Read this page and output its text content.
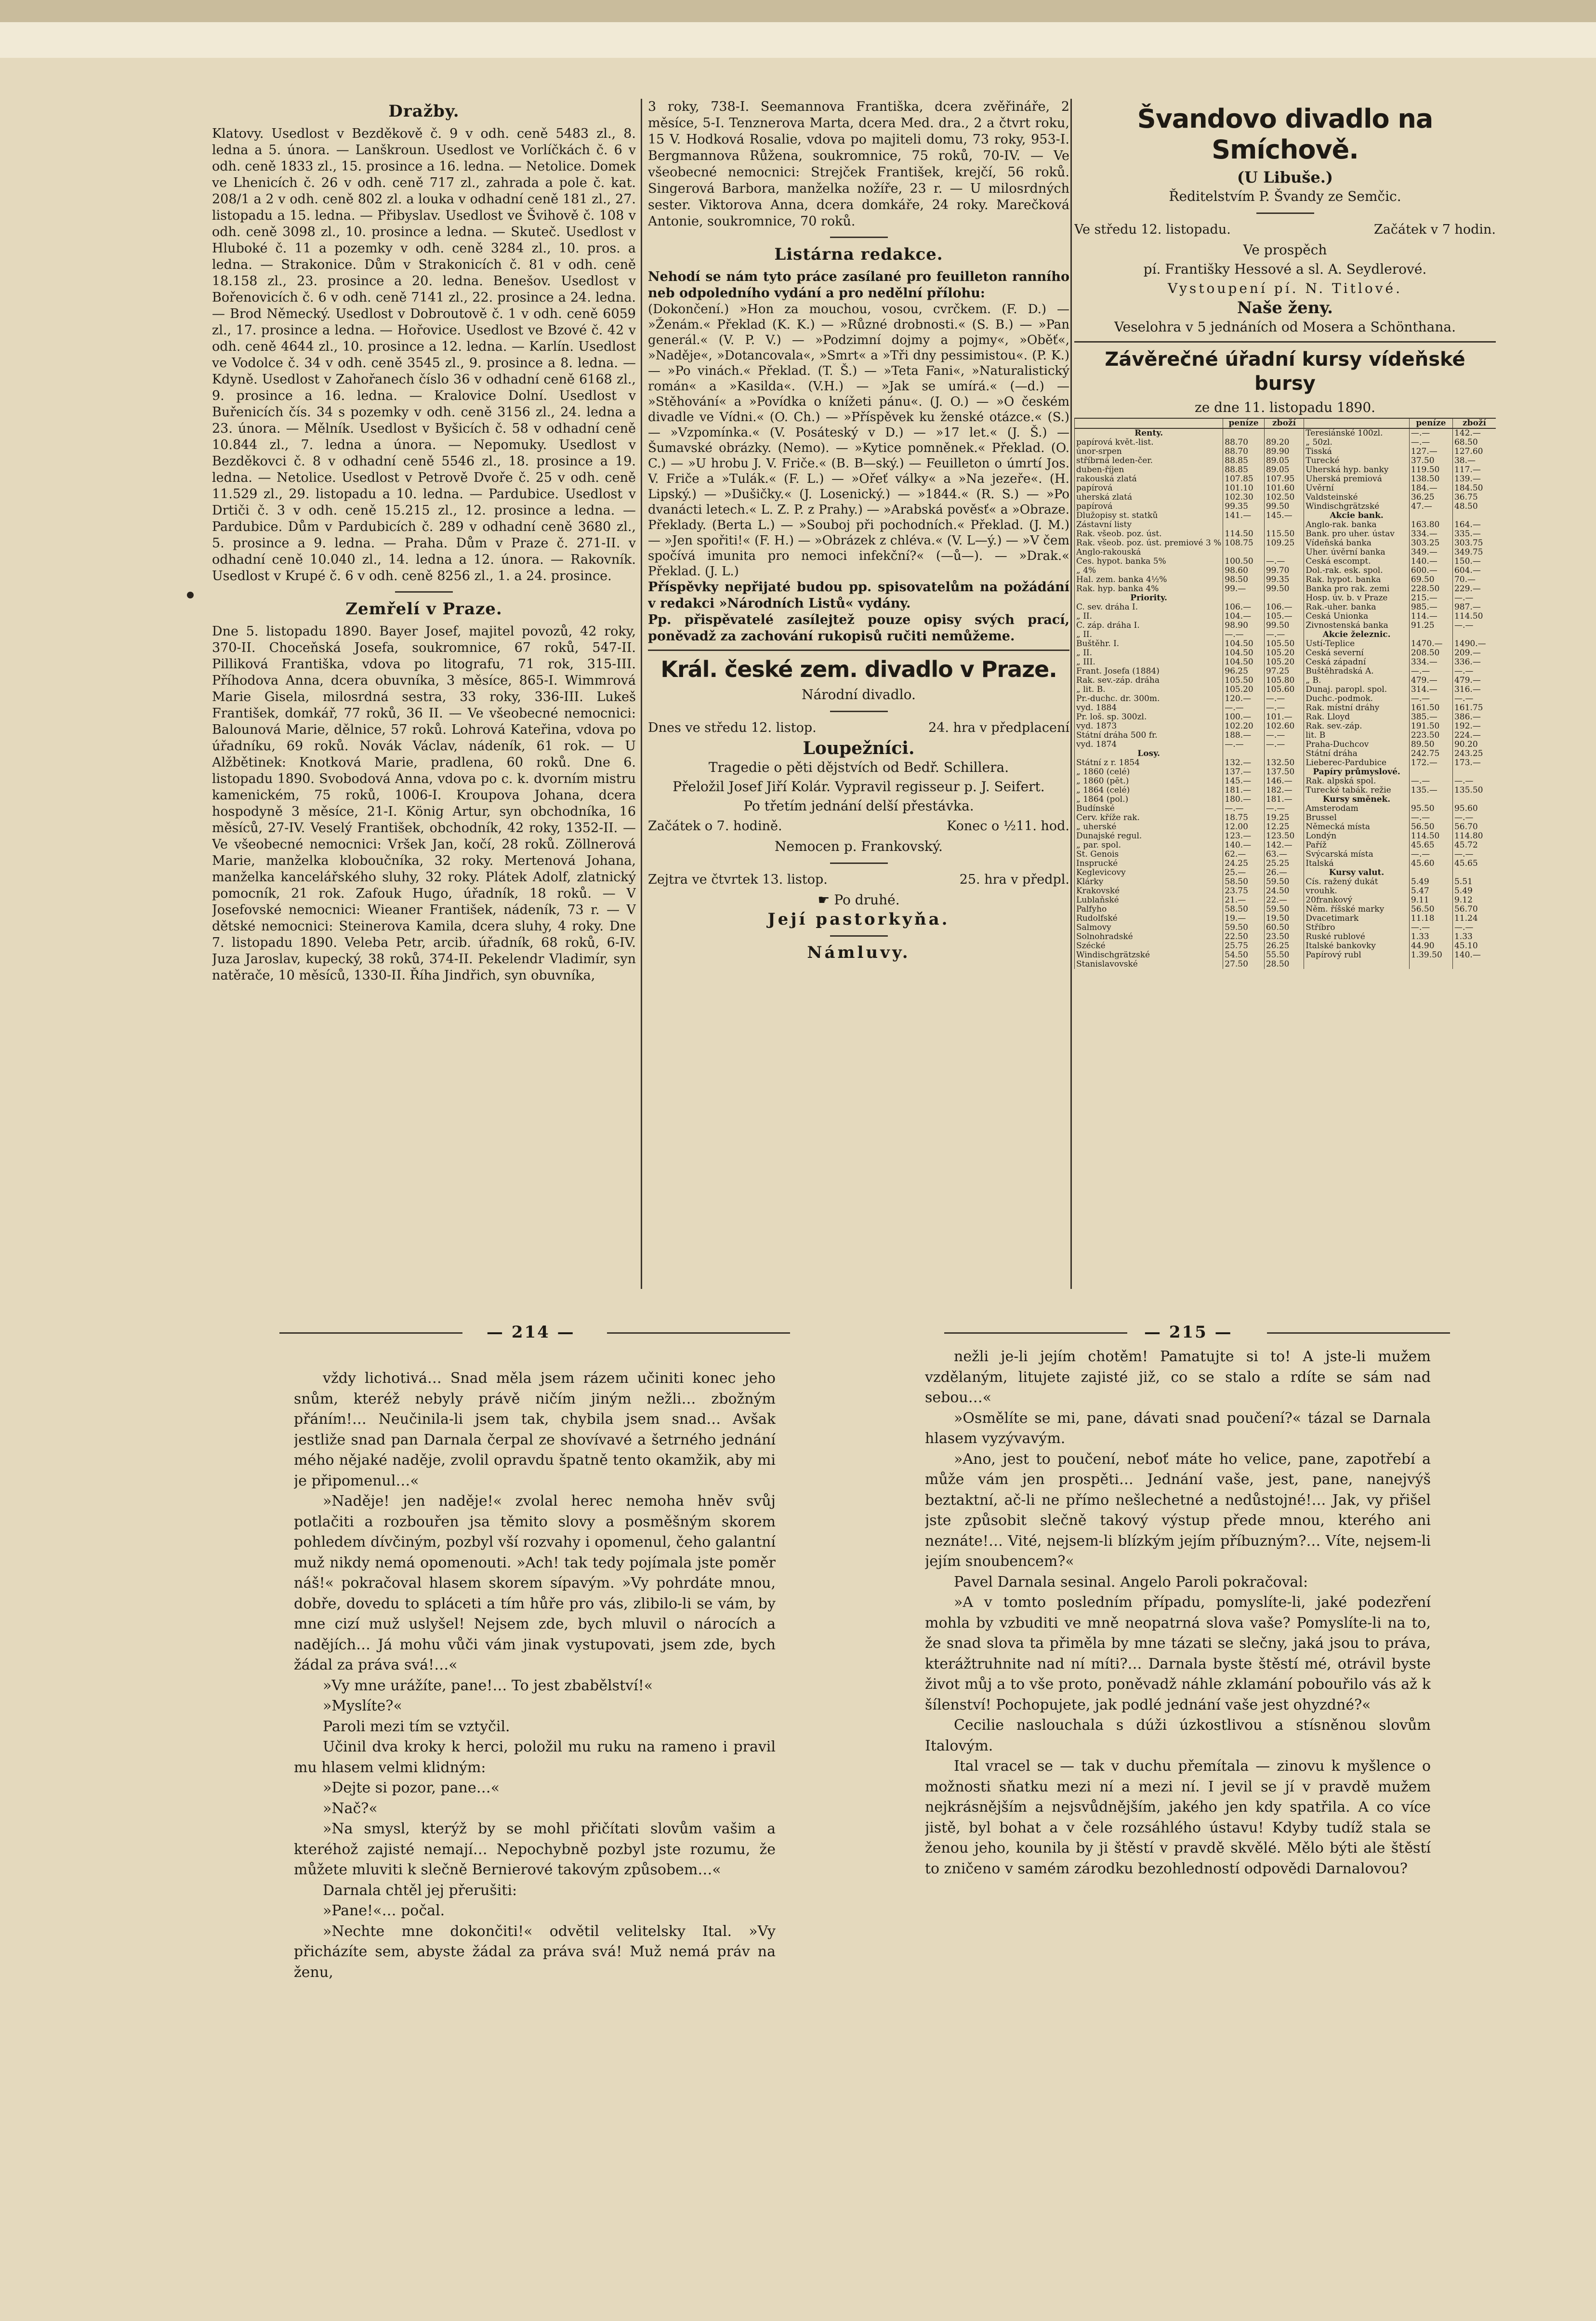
Dražby.

Klatovy. Usedlost v Bezděkově č. 9 v odh. ceně 5483 zl., 8. ledna a 5. února. — Lanškroun. Usedlost ve Vorlíčkách č. 6 v odh. ceně 1833 zl., 15. prosince a 16. ledna. — Netolice. Domek ve Lhenicích č. 26 v odh. ceně 717 zl., zahrada a pole č. kat. 208/1 a 2 v odh. ceně 802 zl. a louka v odhadní ceně 181 zl., 27. listopadu a 15. ledna. — Přibyslav. Usedlost ve Švihově č. 108 v odh. ceně 3098 zl., 10. prosince a ledna. — Skuteč. Usedlost v Hluboké č. 11 a pozemky v odh. ceně 3284 zl., 10. pros. a ledna. — Strakonice. Dům v Strakonicích č. 81 v odh. ceně 18.158 zl., 23. prosince a 20. ledna. Benešov. Usedlost v Bořenovicích č. 6 v odh. ceně 7141 zl., 22. prosince a 24. ledna. — Brod Německý. Usedlost v Dobroutově č. 1 v odh. ceně 6059 zl., 17. prosince a ledna. — Hořovice. Usedlost ve Bzové č. 42 v odh. ceně 4644 zl., 10. prosince a 12. ledna. — Karlín. Usedlost ve Vodolce č. 34 v odh. ceně 3545 zl., 9. prosince a 8. ledna. — Kdyně. Usedlost v Zahořanech číslo 36 v odhadní ceně 6168 zl., 9. prosince a 16. ledna. — Kralovice Dolní. Usedlost v Buřenicích čís. 34 s pozemky v odh. ceně 3156 zl., 24. ledna a 23. února. — Mělník. Usedlost v Byšicích č. 58 v odhadní ceně 10.844 zl., 7. ledna a února. — Nepomuky. Usedlost v Bezděkovci č. 8 v odhadní ceně 5546 zl., 18. prosince a 19. ledna. — Netolice. Usedlost v Petrově Dvoře č. 25 v odh. ceně 11.529 zl., 29. listopadu a 10. ledna. — Pardubice. Usedlost v Drtiči č. 3 v odh. ceně 15.215 zl., 12. prosince a ledna. — Pardubice. Dům v Pardubicích č. 289 v odhadní ceně 3680 zl., 5. prosince a 9. ledna. — Praha. Dům v Praze č. 271-II. v odhadní ceně 10.040 zl., 14. ledna a 12. února. — Rakovník. Usedlost v Krupé č. 6 v odh. ceně 8256 zl., 1. a 24. prosince.

Zemřelí v Praze.

Dne 5. listopadu 1890. Bayer Josef, majitel povozů, 42 roky, 370-II. Choceňská Josefa, soukromnice, 67 roků, 547-II. Pilliková Františka, vdova po litografu, 71 rok, 315-III. Příhodova Anna, dcera obuvníka, 3 měsíce, 865-I. Wimmrová Marie Gisela, milosrdná sestra, 33 roky, 336-III. Lukeš František, domkář, 77 roků, 36 II. — Ve všeobecné nemocnici: Balounová Marie, dělnice, 57 roků. Lohrová Kateřina, vdova po úřadníku, 69 roků. Novák Václav, nádeník, 61 rok. — U Alžbětinek: Knotková Marie, pradlena, 60 roků. Dne 6. listopadu 1890. Svobodová Anna, vdova po c. k. dvorním mistru kamenickém, 75 roků, 1006-I. Kroupova Johana, dcera hospodyně 3 měsíce, 21-I. König Artur, syn obchodníka, 16 měsíců, 27-IV. Veselý František, obchodník, 42 roky, 1352-II. — Ve všeobecné nemocnici: Vršek Jan, kočí, 28 roků. Zöllnerová Marie, manželka kloboučníka, 32 roky. Mertenová Johana, manželka kancelářského sluhy, 32 roky. Plátek Adolf, zlatnický pomocník, 21 rok. Zafouk Hugo, úřadník, 18 roků. — V Josefovské nemocnici: Wieaner František, nádeník, 73 r. — V dětské nemocnici: Steinerova Kamila, dcera sluhy, 4 roky. Dne 7. listopadu 1890. Veleba Petr, arcib. úřadník, 68 roků, 6-IV. Juza Jaroslav, kupecký, 38 roků, 374-II. Pekelendr Vladimír, syn natěrače, 10 měsíců, 1330-II. Říha Jindřich, syn obuvníka,

3 roky, 738-I. Seemannova Františka, dcera zvěřináře, 2 měsíce, 5-I. Tenznerova Marta, dcera Med. dra., 2 a čtvrt roku, 15 V. Hodková Rosalie, vdova po majiteli domu, 73 roky, 953-I. Bergmannova Růžena, soukromnice, 75 roků, 70-IV. — Ve všeobecné nemocnici: Strejček František, krejčí, 56 roků. Singerová Barbora, manželka nožíře, 23 r. — U milosrdných sester. Viktorova Anna, dcera domkáře, 24 roky. Marečková Antonie, soukromnice, 70 roků.

Listárna redakce.

Nehodí se nám tyto práce zasílané pro feuilleton ranního neb odpoledního vydání a pro nedělní přílohu:

(Dokončení.) »Hon za mouchou, vosou, cvrčkem. (F. D.) — »Ženám.« Překlad (K. K.) — »Různé drobnosti.« (S. B.) — »Pan generál.« (V. P. V.) — »Podzimní dojmy a pojmy«, »Oběť«, »Naděje«, »Dotancovala«, »Smrt« a »Tři dny pessimistou«. (P. K.) — »Po vinách.« Překlad. (T. Š.) — »Teta Fani«, »Naturalistický román« a »Kasilda«. (V.H.) — »Jak se umírá.« (—d.) — »Stěhování« a »Povídka o knížeti pánu«. (J. O.) — »O českém divadle ve Vídni.« (O. Ch.) — »Příspěvek ku ženské otázce.« (S.) — »Vzpomínka.« (V. Posáteský v D.) — »17 let.« (J. Š.) — Šumavské obrázky. (Nemo). — »Kytice pomněnek.« Překlad. (O. C.) — »U hrobu J. V. Friče.« (B. B—ský.) — Feuilleton o úmrtí Jos. V. Friče a »Tulák.« (F. L.) — »Ořeť války« a »Na jezeře«. (H. Lipský.) — »Dušičky.« (J. Losenický.) — »1844.« (R. S.) — »Po dvanácti letech.« L. Z. P. z Prahy.) — »Arabská pověsť« a »Obraze. Překlady. (Berta L.) — »Souboj při pochodních.« Překlad. (J. M.) — »Jen spořiti!« (F. H.) — »Obrázek z chlévа.« (V. L—ý.) — »V čem spočívá imunita pro nemoci infekční?« (—ů—). — »Drak.« Překlad. (J. L.)

Příspěvky nepřijaté budou pp. spisovatelům na požádání v redakci »Národních Listů« vydány.

Pp. přispěvatelé zasílejtež pouze opisy svých prací, poněvadž za zachování rukopisů ručiti nemůžeme.

Král. české zem. divadlo v Praze.
Národní divadlo.
Dnes ve středu 12. listop.	24. hra v předplacení
Loupežníci.
Tragedie o pěti dějstvích od Bedř. Schillera.
Přeložil Josef Jiří Kolár. Vypravil regisseur p. J. Seifert.
Po třetím jednání delší přestávka.
Začátek o 7. hodině.	Konec o ½11. hod.
Nemocen p. Frankovský.
Zejtra ve čtvrtek 13. listop.	25. hra v předpl.
☛ Po druhé.
Její pastorkyňa.
Námluvy.
Švandovo divadlo na Smíchově.
(U Libuše.)
Ředitelstvím P. Švandy ze Semčic.
Ve středu 12. listopadu.	Začátek v 7 hodin.
Ve prospěch
pí. Františky Hessové a sl. A. Seydlerové.
Vystoupení pí. N. Titlové.
Naše ženy.
Veselohra v 5 jednáních od Mosera a Schönthana.
Závěrečné úřadní kursy vídeňské bursy
ze dne 11. listopadu 1890.
	peníze	zboží		peníze	zboží
Renty.			Teresiánské 100zl.	—.—	142.—
papírová květ.-list.	88.70	89.20	„ 50zl.	—.—	68.50
únor-srpen	88.70	89.90	Tisská	127.—	127.60
stříbrná leden-čer.	88.85	89.05	Turecké	37.50	38.—
duben-říjen	88.85	89.05	Uherská hyp. banky	119.50	117.—
rakouská zlatá	107.85	107.95	Uherská premiová	138.50	139.—
papírová	101.10	101.60	Úvěrní	184.—	184.50
uherská zlatá	102.30	102.50	Valdsteinské	36.25	36.75
papírová	99.35	99.50	Windischgrätzské	47.—	48.50
Dlužopisy st. statků	141.—	145.—	Akcie bank.		
Zástavní listy			Anglo-rak. banka	163.80	164.—
Rak. všeob. poz. úst.	114.50	115.50	Bank. pro uher. ústav	334.—	335.—
Rak. všeob. poz. úst. premiové 3 %	108.75	109.25	Vídeňská banka	303.25	303.75
Anglo-rakouská			Uher. úvěrní banka	349.—	349.75
Čes. hypot. banka 5%	100.50	—.—	Česká escompt.	140.—	150.—
„ 4%	98.60	99.70	Dol.-rak. esk. spol.	600.—	604.—
Hal. zem. banka 4½%	98.50	99.35	Rak. hypot. banka	69.50	70.—
Rak. hyp. banka 4%	99.—	99.50	Banka pro rak. zemi	228.50	229.—
Priority.			Hosp. úv. b. v Praze	215.—	—.—
Č. sev. dráha I.	106.—	106.—	Rak.-uher. banka	985.—	987.—
„ II.	104.—	105.—	Česká Unionka	114.—	114.50
Č. záp. dráha I.	98.90	99.50	Živnostenská banka	91.25	—.—
„ II.	—.—	—.—	Akcie železnic.		
Buštěhr. I.	104.50	105.50	Ústí-Teplice	1470.—	1490.—
„ II.	104.50	105.20	Česká severní	208.50	209.—
„ III.	104.50	105.20	Česká západní	334.—	336.—
Frant. Josefa (1884)	96.25	97.25	Buštěhradská A.	—.—	—.—
Rak. sev.-záp. dráha	105.50	105.80	„ B.	479.—	479.—
„ lit. B.	105.20	105.60	Dunaj. paropl. spol.	314.—	316.—
Pr.-duchc. dr. 300m.	120.—	—.—	Duchc.-podmok.	—.—	—.—
vyd. 1884	—.—	—.—	Rak. místní dráhy	161.50	161.75
Pr. loš. sp. 300zl.	100.—	101.—	Rak. Lloyd	385.—	386.—
vyd. 1873	102.20	102.60	Rak. sev.-záp.	191.50	192.—
Státní dráha 500 fr.	188.—	—.—	lit. B	223.50	224.—
vyd. 1874	—.—	—.—	Praha-Duchcov	89.50	90.20
Losy.			Státní dráha	242.75	243.25
Státní z r. 1854	132.—	132.50	Lieberec-Pardubice	172.—	173.—
„ 1860 (celé)	137.—	137.50	Papíry průmyslové.		
„ 1860 (pět.)	145.—	146.—	Rak. alpská spol.	—.—	—.—
„ 1864 (celé)	181.—	182.—	Turecké tabák. režie	135.—	135.50
„ 1864 (pol.)	180.—	181.—	Kursy směnek.		
Budínské	—.—	—.—	Amsterodam	95.50	95.60
Červ. kříže rak.	18.75	19.25	Brussel	—.—	—.—
„ uherské	12.00	12.25	Německá místa	56.50	56.70
Dunajské regul.	123.—	123.50	Londýn	114.50	114.80
„ par. spol.	140.—	142.—	Paříž	45.65	45.72
St. Genois	62.—	63.—	Švýcarská místa	—.—	—.—
Insprucké	24.25	25.25	Italská	45.60	45.65
Keglevicovy	25.—	26.—	Kursy valut.		
Klárky	58.50	59.50	Cís. ražený dukát	5.49	5.51
Krakovské	23.75	24.50	vrouhk.	5.47	5.49
Lublaňské	21.—	22.—	20frankový	9.11	9.12
Palfyho	58.50	59.50	Něm. říšské marky	56.50	56.70
Rudolfské	19.—	19.50	Dvacetimark	11.18	11.24
Salmovy	59.50	60.50	Stříbro	—.—	—.—
Solnohradské	22.50	23.50	Ruské rublové	1.33	1.33
Szécké	25.75	26.25	Italské bankovky	44.90	45.10
Windischgrätzské	54.50	55.50	Papírový rubl	1.39.50	140.—
Stanislavovské	27.50	28.50			
— 214 —	— 215 —

vždy lichotivá… Snad měla jsem rázem učiniti konec jeho snům, kteréž nebyly právě ničím jiným nežli… zbožným přáním!… Neučinila-li jsem tak, chybila jsem snad… Avšak jestliže snad pan Darnala čerpal ze shovívavé a šetrného jednání mého nějaké naděje, zvolil opravdu špatně tento okamžik, aby mi je připomenul…«

»Naděje! jen naděje!« zvolal herec nemoha hněv svůj potlačiti a rozbouřen jsa těmito slovy a posměšným skorem pohledem dívčiným, pozbyl vší rozvahy i opomenul, čeho galantní muž nikdy nemá opomenouti. »Ach! tak tedy pojímala jste poměr náš!« pokračoval hlasem skorem sípavým. »Vy pohrdáte mnou, dobře, dovedu to spláceti a tím hůře pro vás, zlibilo-li se vám, by mne cizí muž uslyšel! Nejsem zde, bych mluvil o nárocích a nadějích… Já mohu vůči vám jinak vystupovati, jsem zde, bych žádal za práva svá!…«

»Vy mne urážíte, pane!… To jest zbabělství!«

»Myslíte?«

Paroli mezi tím se vztyčil.

Učinil dva kroky k herci, položil mu ruku na rameno i pravil mu hlasem velmi klidným:

»Dejte si pozor, pane…«

»Nač?«

»Na smysl, kterýž by se mohl přičítati slovům vašim a kteréhož zajisté nemají… Nepochybně pozbyl jste rozumu, že můžete mluviti k slečně Bernierové takovým způsobem…«

Darnala chtěl jej přerušiti:

»Pane!«… počal.

»Nechte mne dokončiti!« odvětil velitelsky Ital. »Vy přicházíte sem, abyste žádal za práva svá! Muž nemá práv na ženu,

nežli je-li jejím chotěm! Pamatujte si to! A jste-li mužem vzdělaným, litujete zajisté již, co se stalo a rdíte se sám nad sebou…«

»Osmělíte se mi, pane, dávati snad poučení?« tázal se Darnala hlasem vyzývavým.

»Ano, jest to poučení, neboť máte ho velice, pane, zapotřebí a může vám jen prospěti… Jednání vaše, jest, pane, nanejvýš beztaktní, ač-li ne přímo nešlechetné a nedůstojné!… Jak, vy přišel jste způsobit slečně takový výstup přede mnou, kterého ani neznáte!… Vité, nejsem-li blízkým jejím příbuzným?… Víte, nejsem-li jejím snoubencem?«

Pavel Darnala sesinal. Angelo Paroli pokračoval:

»A v tomto posledním případu, pomyslíte-li, jaké podezření mohla by vzbuditi ve mně neopatrná slova vaše? Pomyslíte-li na to, že snad slova ta přiměla by mne tázati se slečny, jaká jsou to práva, kterážtruhnite nad ní míti?… Darnala byste štěstí mé, otrávil byste život můj a to vše proto, poněvadž náhle zklamání pobouřilo vás až k šílenství! Pochopujete, jak podlé jednání vaše jest ohyzdné?«

Cecilie naslouchala s dúži úzkostlivou a stísněnou slovům Italovým.

Ital vracel se — tak v duchu přemítala — zinovu k myšlence o možnosti sňatku mezi ní a mezi ní. I jevil se jí v pravdě mužem nejkrásnějším a nejsvůdnějším, jakého jen kdy spatřila. A co více jistě, byl bohat a v čele rozsáhlého ústavu! Kdyby tudíž stala se ženou jeho, kounila by ji štěstí v pravdě skvělé. Mělo býti ale štěstí to zničeno v samém zárodku bezohledností odpovědi Darnalovou?
